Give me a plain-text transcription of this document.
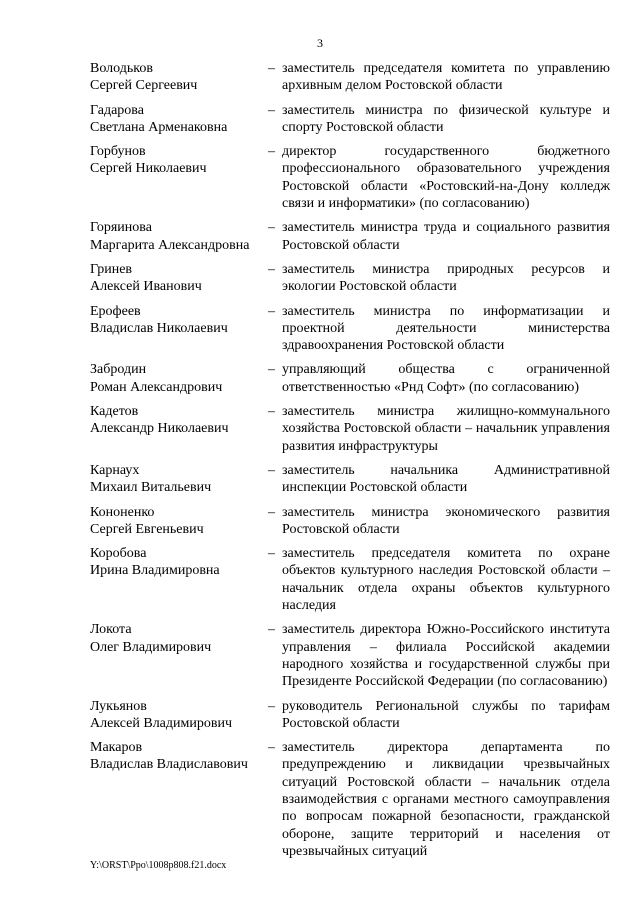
3
Володьков
Сергей Сергеевич
– заместитель председателя комитета по управлению архивным делом Ростовской области
Гадарова
Светлана Арменаковна
– заместитель министра по физической культуре и спорту Ростовской области
Горбунов
Сергей Николаевич
– директор государственного бюджетного профессионального образовательного учреждения Ростовской области «Ростовский-на-Дону колледж связи и информатики» (по согласованию)
Горяинова
Маргарита Александровна
– заместитель министра труда и социального развития Ростовской области
Гринев
Алексей Иванович
– заместитель министра природных ресурсов и экологии Ростовской области
Ерофеев
Владислав Николаевич
– заместитель министра по информатизации и проектной деятельности министерства здравоохранения Ростовской области
Забродин
Роман Александрович
– управляющий общества с ограниченной ответственностью «Рнд Софт» (по согласованию)
Кадетов
Александр Николаевич
– заместитель министра жилищно-коммунального хозяйства Ростовской области – начальник управления развития инфраструктуры
Карнаух
Михаил Витальевич
– заместитель начальника Административной инспекции Ростовской области
Кононенко
Сергей Евгеньевич
– заместитель министра экономического развития Ростовской области
Коробова
Ирина Владимировна
– заместитель председателя комитета по охране объектов культурного наследия Ростовской области – начальник отдела охраны объектов культурного наследия
Локота
Олег Владимирович
– заместитель директора Южно-Российского института управления – филиала Российской академии народного хозяйства и государственной службы при Президенте Российской Федерации (по согласованию)
Лукьянов
Алексей Владимирович
– руководитель Региональной службы по тарифам Ростовской области
Макаров
Владислав Владиславович
– заместитель директора департамента по предупреждению и ликвидации чрезвычайных ситуаций Ростовской области – начальник отдела взаимодействия с органами местного самоуправления по вопросам пожарной безопасности, гражданской обороне, защите территорий и населения от чрезвычайных ситуаций
Y:\ORST\Ppo\1008p808.f21.docx
